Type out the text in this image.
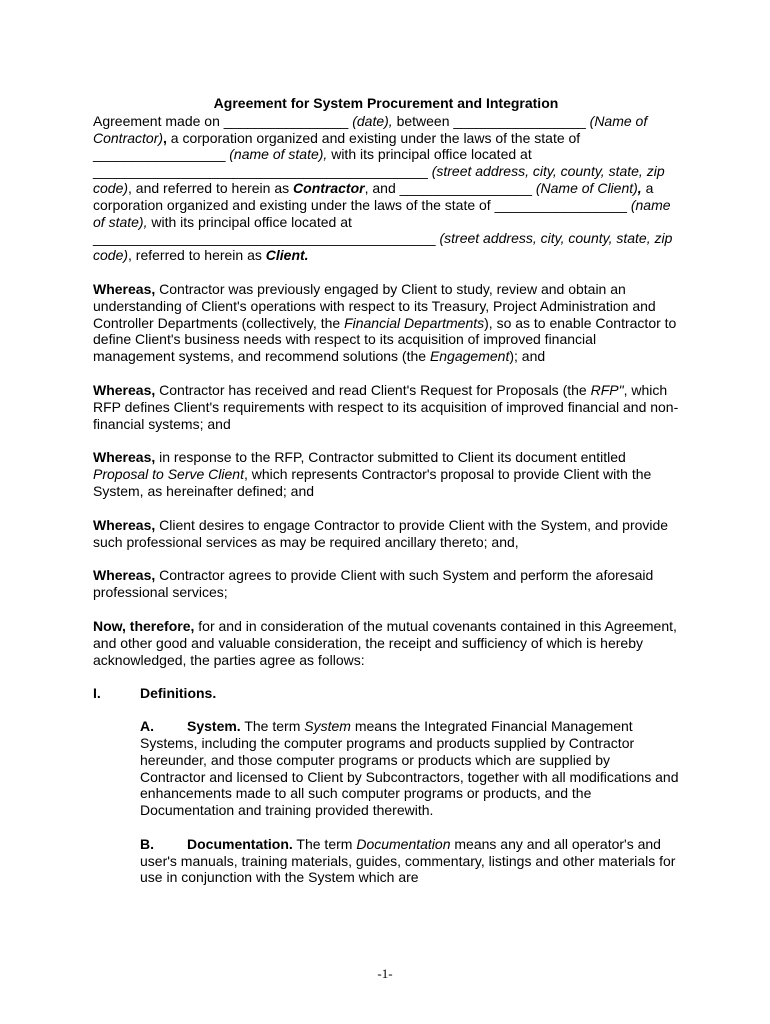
Agreement for System Procurement and Integration

Agreement made on ________________ (date), between _________________ (Name of Contractor), a corporation organized and existing under the laws of the state of _________________ (name of state), with its principal office located at ___________________________________________ (street address, city, county, state, zip code), and referred to herein as Contractor, and _________________ (Name of Client), a corporation organized and existing under the laws of the state of _________________ (name of state), with its principal office located at ____________________________________________ (street address, city, county, state, zip code), referred to herein as Client.

Whereas, Contractor was previously engaged by Client to study, review and obtain an understanding of Client's operations with respect to its Treasury, Project Administration and Controller Departments (collectively, the Financial Departments), so as to enable Contractor to define Client's business needs with respect to its acquisition of improved financial management systems, and recommend solutions (the Engagement); and

Whereas, Contractor has received and read Client's Request for Proposals (the RFP", which RFP defines Client's requirements with respect to its acquisition of improved financial and non-financial systems; and

Whereas, in response to the RFP, Contractor submitted to Client its document entitled Proposal to Serve Client, which represents Contractor's proposal to provide Client with the System, as hereinafter defined; and

Whereas, Client desires to engage Contractor to provide Client with the System, and provide such professional services as may be required ancillary thereto; and,

Whereas, Contractor agrees to provide Client with such System and perform the aforesaid professional services;

Now, therefore, for and in consideration of the mutual covenants contained in this Agreement, and other good and valuable consideration, the receipt and sufficiency of which is hereby acknowledged, the parties agree as follows:

I.	Definitions.

A. System. The term System means the Integrated Financial Management Systems, including the computer programs and products supplied by Contractor hereunder, and those computer programs or products which are supplied by Contractor and licensed to Client by Subcontractors, together with all modifications and enhancements made to all such computer programs or products, and the Documentation and training provided therewith.

B. Documentation. The term Documentation means any and all operator's and user's manuals, training materials, guides, commentary, listings and other materials for use in conjunction with the System which are

-1-
